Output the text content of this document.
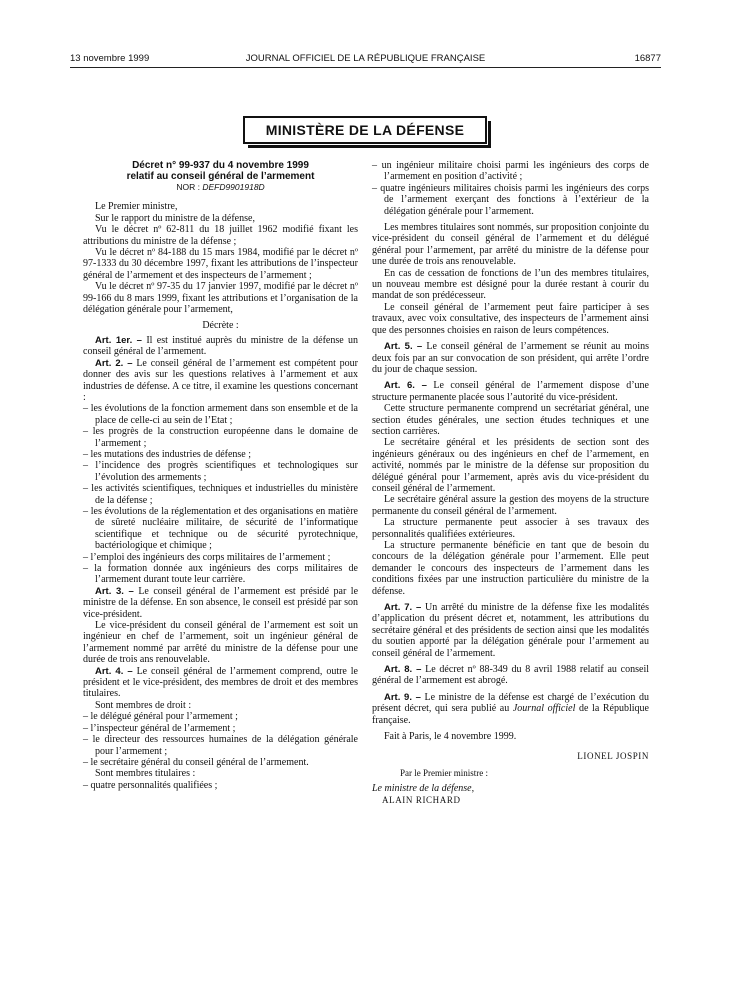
13 novembre 1999	JOURNAL OFFICIEL DE LA RÉPUBLIQUE FRANÇAISE	16877
MINISTÈRE DE LA DÉFENSE
Décret n° 99-937 du 4 novembre 1999
relatif au conseil général de l’armement
NOR : DEFD9901918D

Le Premier ministre,

Sur le rapport du ministre de la défense,

Vu le décret nº 62-811 du 18 juillet 1962 modifié fixant les attributions du ministre de la défense ;

Vu le décret nº 84-188 du 15 mars 1984, modifié par le décret nº 97-1333 du 30 décembre 1997, fixant les attributions de l’inspecteur général de l’armement et des inspecteurs de l’armement ;

Vu le décret nº 97-35 du 17 janvier 1997, modifié par le décret nº 99-166 du 8 mars 1999, fixant les attributions et l’organisation de la délégation générale pour l’armement,

Décrète :

Art. 1er. – Il est institué auprès du ministre de la défense un conseil général de l’armement.

Art. 2. – Le conseil général de l’armement est compétent pour donner des avis sur les questions relatives à l’armement et aux industries de défense. A ce titre, il examine les questions concernant :

– les évolutions de la fonction armement dans son ensemble et de la place de celle-ci au sein de l’Etat ;
– les progrès de la construction européenne dans le domaine de l’armement ;
– les mutations des industries de défense ;
– l’incidence des progrès scientifiques et technologiques sur l’évolution des armements ;
– les activités scientifiques, techniques et industrielles du ministère de la défense ;
– les évolutions de la réglementation et des organisations en matière de sûreté nucléaire militaire, de sécurité de l’informatique scientifique et technique ou de sécurité pyrotechnique, bactériologique et chimique ;
– l’emploi des ingénieurs des corps militaires de l’armement ;
– la formation donnée aux ingénieurs des corps militaires de l’armement durant toute leur carrière.

Art. 3. – Le conseil général de l’armement est présidé par le ministre de la défense. En son absence, le conseil est présidé par son vice-président.

Le vice-président du conseil général de l’armement est soit un ingénieur en chef de l’armement, soit un ingénieur général de l’armement nommé par arrêté du ministre de la défense pour une durée de trois ans renouvelable.

Art. 4. – Le conseil général de l’armement comprend, outre le président et le vice-président, des membres de droit et des membres titulaires.

Sont membres de droit :

– le délégué général pour l’armement ;
– l’inspecteur général de l’armement ;
– le directeur des ressources humaines de la délégation générale pour l’armement ;
– le secrétaire général du conseil général de l’armement.

Sont membres titulaires :

– quatre personnalités qualifiées ;
– un ingénieur militaire choisi parmi les ingénieurs des corps de l’armement en position d’activité ;
– quatre ingénieurs militaires choisis parmi les ingénieurs des corps de l’armement exerçant des fonctions à l’extérieur de la délégation générale pour l’armement.

Les membres titulaires sont nommés, sur proposition conjointe du vice-président du conseil général de l’armement et du délégué général pour l’armement, par arrêté du ministre de la défense pour une durée de trois ans renouvelable.

En cas de cessation de fonctions de l’un des membres titulaires, un nouveau membre est désigné pour la durée restant à courir du mandat de son prédécesseur.

Le conseil général de l’armement peut faire participer à ses travaux, avec voix consultative, des inspecteurs de l’armement ainsi que des personnes choisies en raison de leurs compétences.

Art. 5. – Le conseil général de l’armement se réunit au moins deux fois par an sur convocation de son président, qui arrête l’ordre du jour de chaque session.

Art. 6. – Le conseil général de l’armement dispose d’une structure permanente placée sous l’autorité du vice-président.

Cette structure permanente comprend un secrétariat général, une section études générales, une section études techniques et une section carrières.

Le secrétaire général et les présidents de section sont des ingénieurs généraux ou des ingénieurs en chef de l’armement, en activité, nommés par le ministre de la défense sur proposition du délégué général pour l’armement, après avis du vice-président du conseil général de l’armement.

Le secrétaire général assure la gestion des moyens de la structure permanente du conseil général de l’armement.

La structure permanente peut associer à ses travaux des personnalités qualifiées extérieures.

La structure permanente bénéficie en tant que de besoin du concours de la délégation générale pour l’armement. Elle peut demander le concours des inspecteurs de l’armement dans les conditions fixées par une instruction particulière du ministre de la défense.

Art. 7. – Un arrêté du ministre de la défense fixe les modalités d’application du présent décret et, notamment, les attributions du secrétaire général et des présidents de section ainsi que les modalités du soutien apporté par la délégation générale pour l’armement au conseil général de l’armement.

Art. 8. – Le décret nº 88-349 du 8 avril 1988 relatif au conseil général de l’armement est abrogé.

Art. 9. – Le ministre de la défense est chargé de l’exécution du présent décret, qui sera publié au Journal officiel de la République française.

Fait à Paris, le 4 novembre 1999.

LIONEL JOSPIN

Par le Premier ministre :

Le ministre de la défense,

ALAIN RICHARD
